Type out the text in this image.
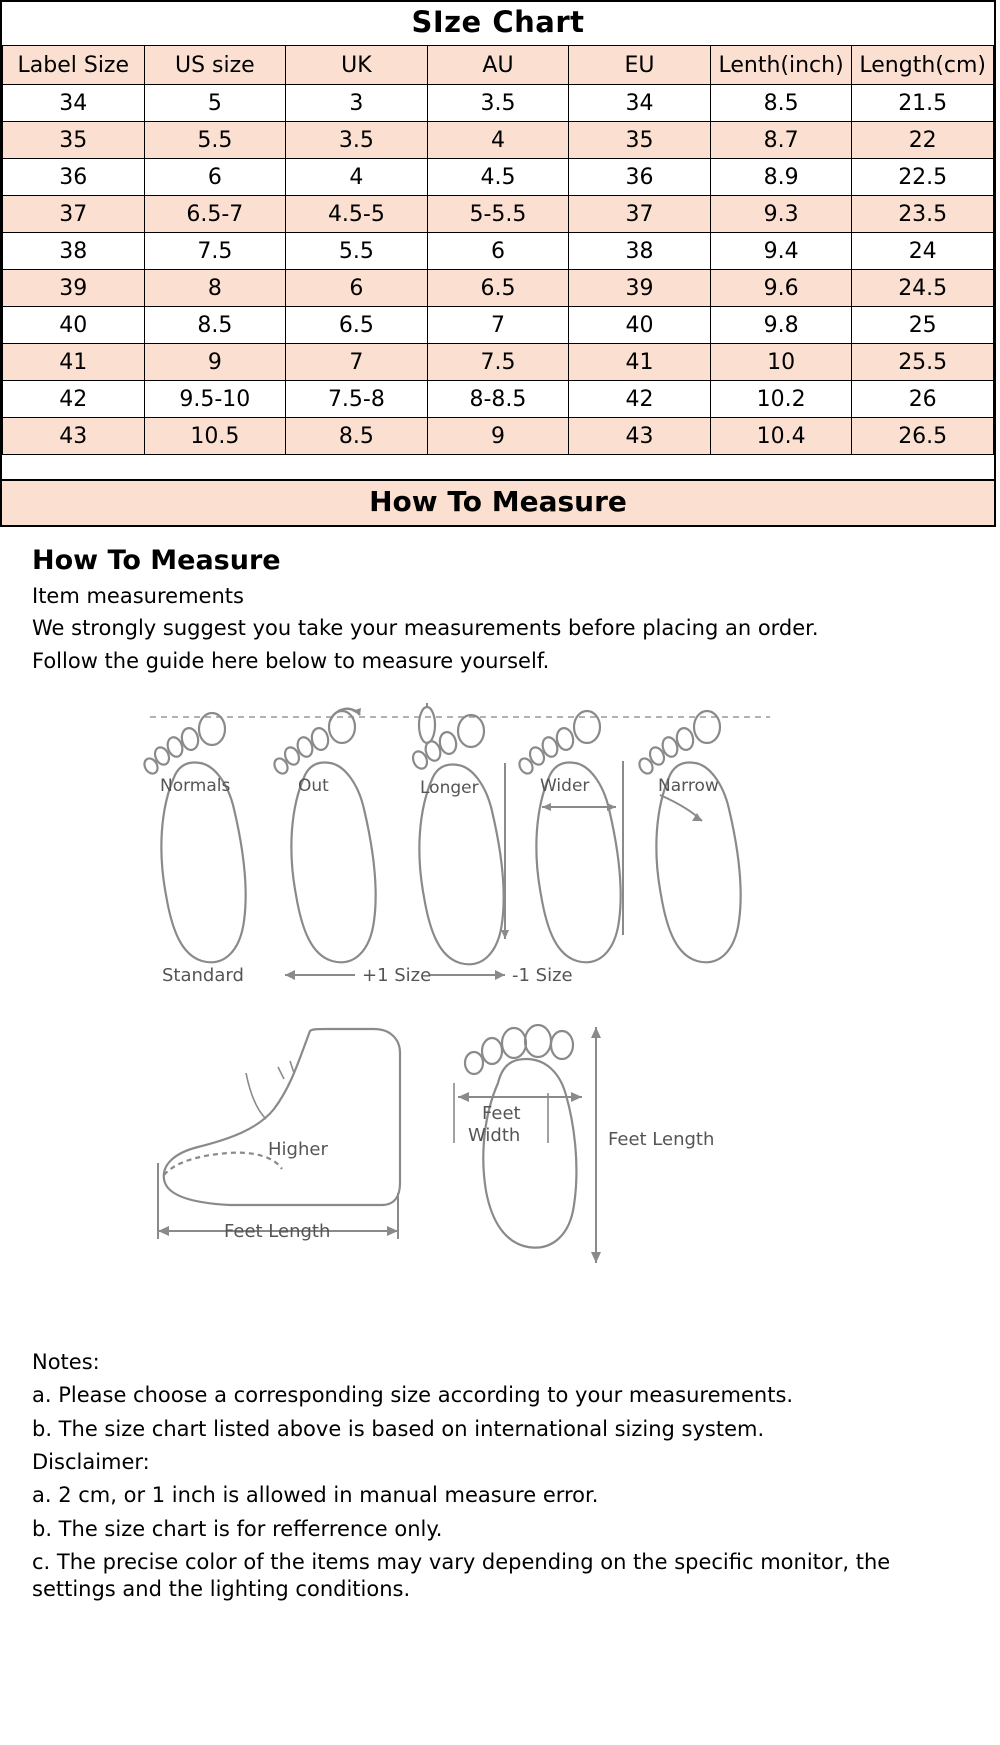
SIze Chart
Label Size	US size	UK	AU	EU	Lenth(inch)	Length(cm)
34	5	3	3.5	34	8.5	21.5
35	5.5	3.5	4	35	8.7	22
36	6	4	4.5	36	8.9	22.5
37	6.5-7	4.5-5	5-5.5	37	9.3	23.5
38	7.5	5.5	6	38	9.4	24
39	8	6	6.5	39	9.6	24.5
40	8.5	6.5	7	40	9.8	25
41	9	7	7.5	41	10	25.5
42	9.5-10	7.5-8	8-8.5	42	10.2	26
43	10.5	8.5	9	43	10.4	26.5
How To Measure
How To Measure

Item measurements

We strongly suggest you take your measurements before placing an order.

Follow the guide here below to measure yourself.

Normals	Out	Longer	Wider	Narrow
Standard	+1 Size	-1 Size
Higher
Feet Length
Feet
Width	Feet Length

Notes:

a. Please choose a corresponding size according to your measurements.

b. The size chart listed above is based on international sizing system.

Disclaimer:

a. 2 cm, or 1 inch is allowed in manual measure error.

b. The size chart is for refferrence only.

c. The precise color of the items may vary depending on the specific monitor, the settings and the lighting conditions.
